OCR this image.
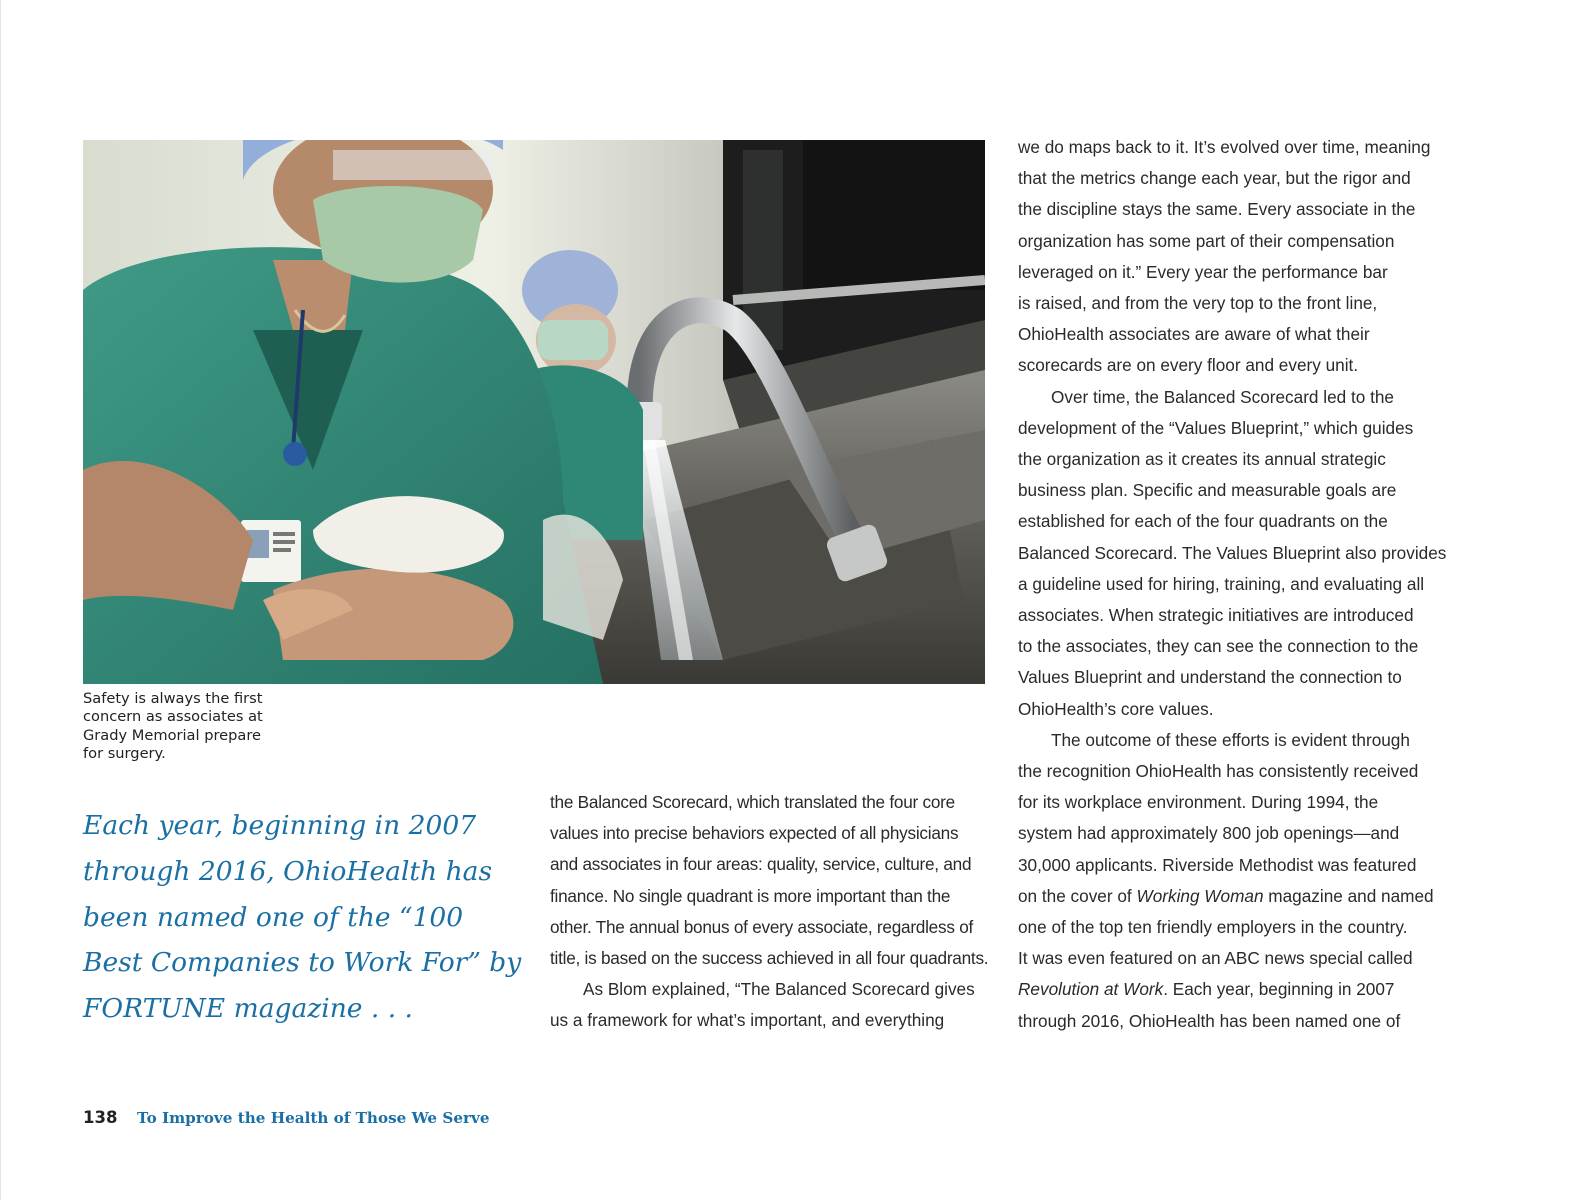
Safety is always the first
concern as associates at
Grady Memorial prepare
for surgery.
Each year, beginning in 2007
through 2016, OhioHealth has
been named one of the “100
Best Companies to Work For” by
FORTUNE magazine . . .
the Balanced Scorecard, which translated the four core
values into precise behaviors expected of all physicians
and associates in four areas: quality, service, culture, and
finance. No single quadrant is more important than the
other. The annual bonus of every associate, regardless of
title, is based on the success achieved in all four quadrants.
As Blom explained, “The Balanced Scorecard gives
us a framework for what’s important, and everything
we do maps back to it. It’s evolved over time, meaning
that the metrics change each year, but the rigor and
the discipline stays the same. Every associate in the
organization has some part of their compensation
leveraged on it.” Every year the performance bar
is raised, and from the very top to the front line,
OhioHealth associates are aware of what their
scorecards are on every floor and every unit.
Over time, the Balanced Scorecard led to the
development of the “Values Blueprint,” which guides
the organization as it creates its annual strategic
business plan. Specific and measurable goals are
established for each of the four quadrants on the
Balanced Scorecard. The Values Blueprint also provides
a guideline used for hiring, training, and evaluating all
associates. When strategic initiatives are introduced
to the associates, they can see the connection to the
Values Blueprint and understand the connection to
OhioHealth’s core values.
The outcome of these efforts is evident through
the recognition OhioHealth has consistently received
for its workplace environment. During 1994, the
system had approximately 800 job openings—and
30,000 applicants. Riverside Methodist was featured
on the cover of Working Woman magazine and named
one of the top ten friendly employers in the country.
It was even featured on an ABC news special called
Revolution at Work. Each year, beginning in 2007
through 2016, OhioHealth has been named one of
138 To Improve the Health of Those We Serve
